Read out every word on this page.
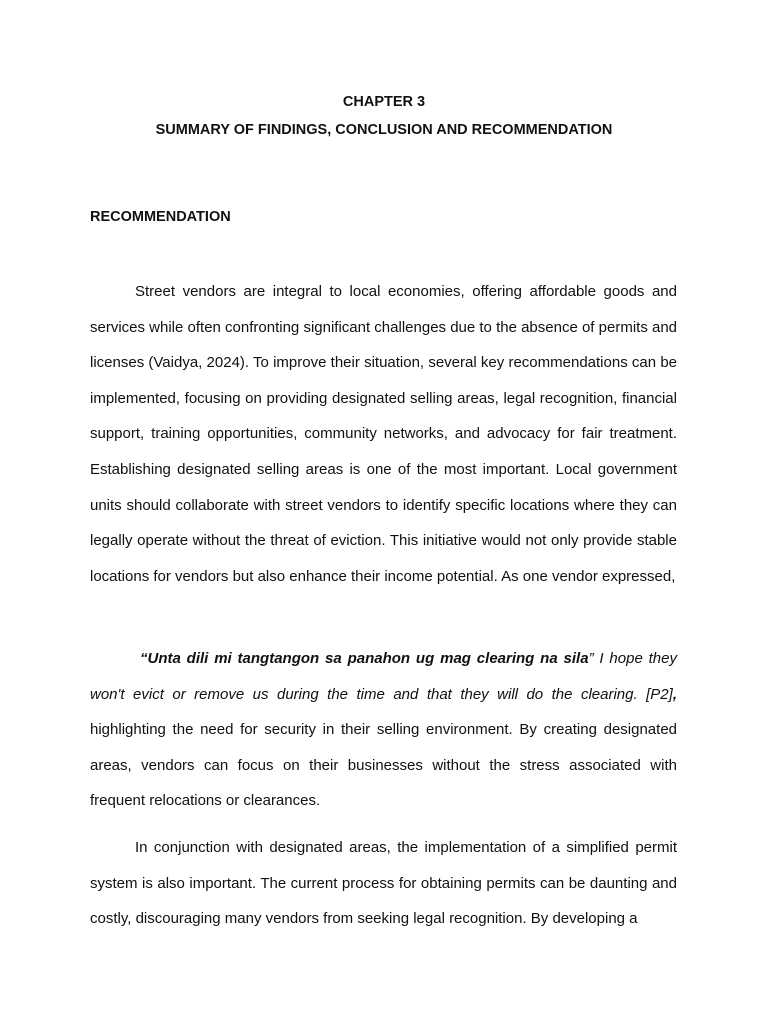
CHAPTER 3

SUMMARY OF FINDINGS, CONCLUSION AND RECOMMENDATION

RECOMMENDATION

Street vendors are integral to local economies, offering affordable goods and services while often confronting significant challenges due to the absence of permits and licenses (Vaidya, 2024). To improve their situation, several key recommendations can be implemented, focusing on providing designated selling areas, legal recognition, financial support, training opportunities, community networks, and advocacy for fair treatment. Establishing designated selling areas is one of the most important. Local government units should collaborate with street vendors to identify specific locations where they can legally operate without the threat of eviction. This initiative would not only provide stable locations for vendors but also enhance their income potential. As one vendor expressed,

“Unta dili mi tangtangon sa panahon ug mag clearing na sila” I hope they won't evict or remove us during the time and that they will do the clearing. [P2], highlighting the need for security in their selling environment. By creating designated areas, vendors can focus on their businesses without the stress associated with frequent relocations or clearances.

In conjunction with designated areas, the implementation of a simplified permit system is also important. The current process for obtaining permits can be daunting and costly, discouraging many vendors from seeking legal recognition. By developing a
